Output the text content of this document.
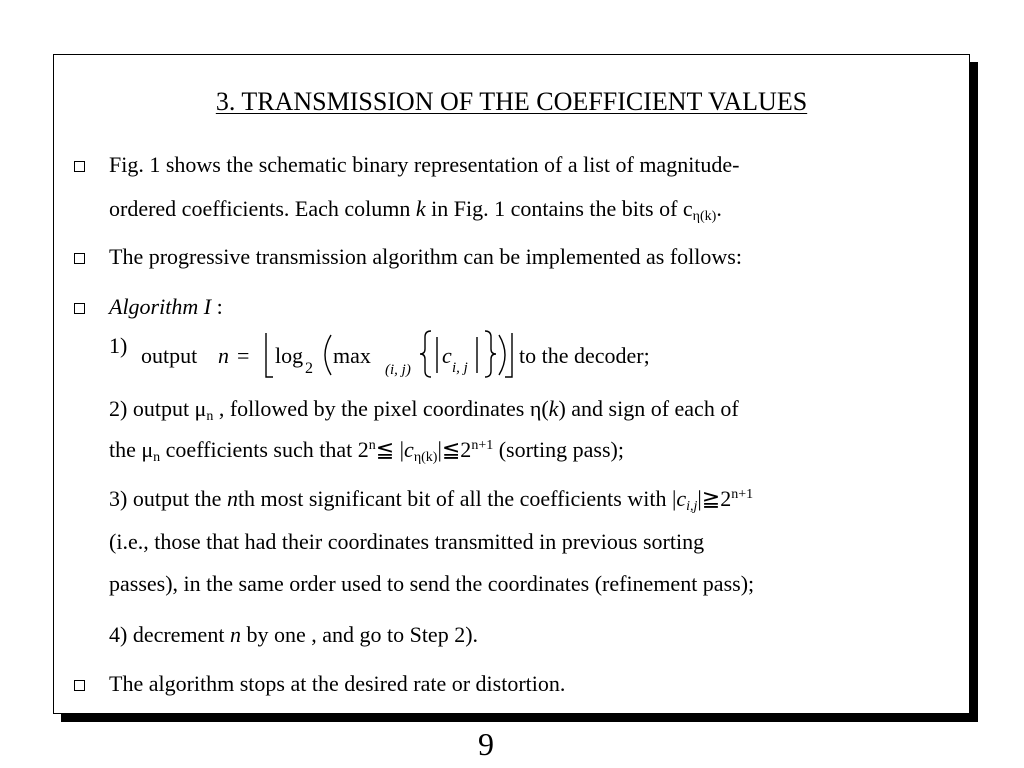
3. TRANSMISSION OF THE COEFFICIENT VALUES
Fig. 1 shows the schematic binary representation of a list of magnitude-
ordered coefficients. Each column k in Fig. 1 contains the bits of cη(k).
The progressive transmission algorithm can be implemented as follows:
Algorithm I :
1) output n = log
2
max
(i, j)
c i, j to the decoder;
2) output μn , followed by the pixel coordinates η(k) and sign of each of
the μn coefficients such that 2$^n$≦ $|c\eta(k)|≦2^{n+1}$ (sorting pass);
3) output the nth most significant bit of all the coefficients with $|ci,j|≧2^{n+1}$
(i.e., those that had their coordinates transmitted in previous sorting
passes), in the same order used to send the coordinates (refinement pass);
4) decrement n by one , and go to Step 2).
The algorithm stops at the desired rate or distortion.
9
